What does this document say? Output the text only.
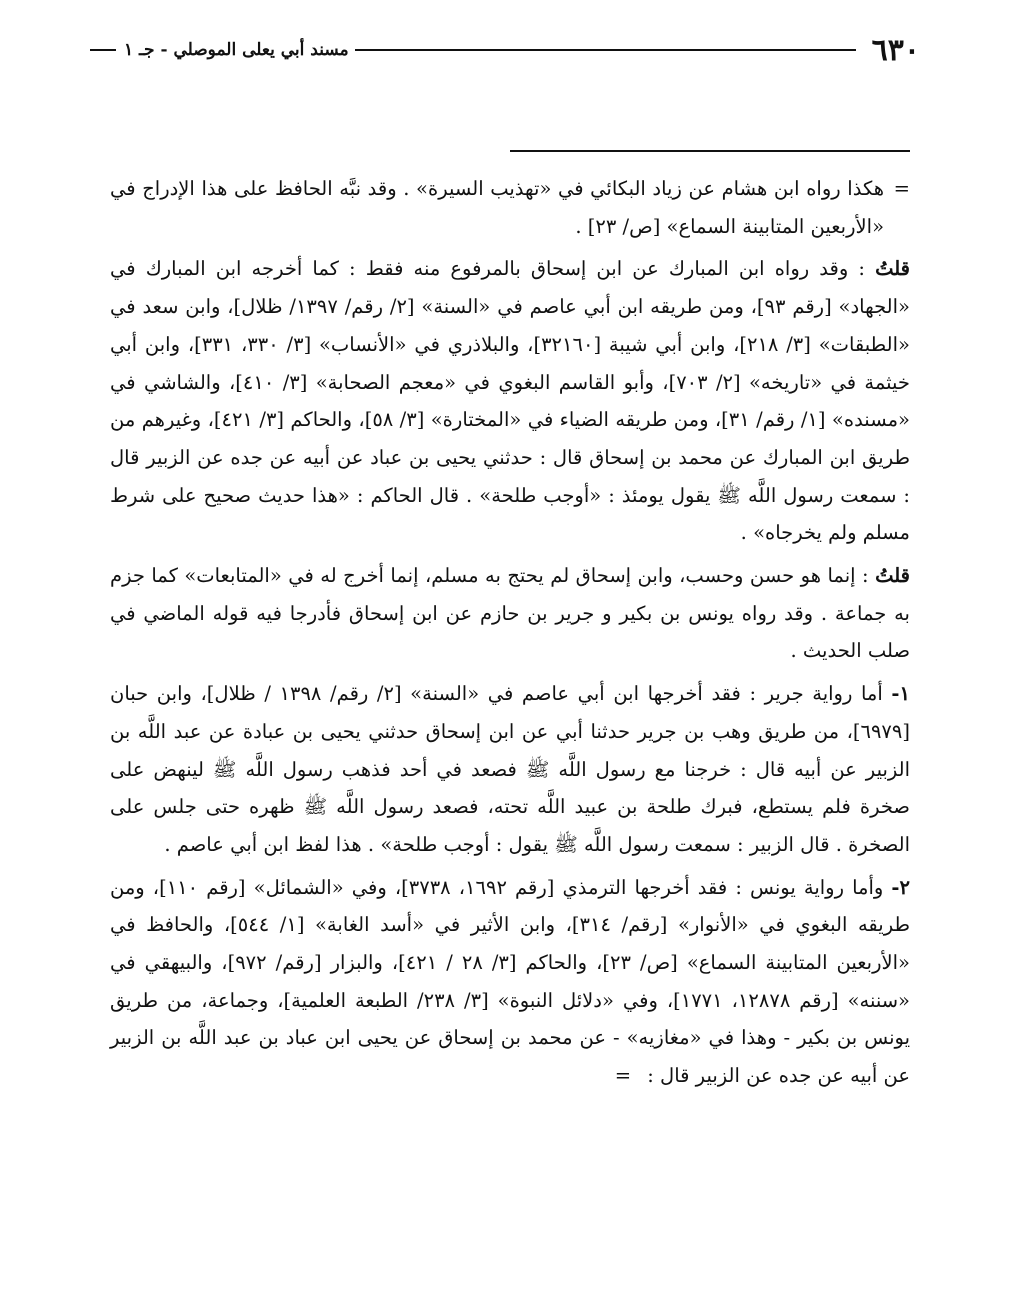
٦٣٠
مسند أبي يعلى الموصلي - جـ ١

=
هكذا رواه ابن هشام عن زياد البكائي في «تهذيب السيرة» . وقد نبَّه الحافظ على هذا الإدراج في «الأربعين المتابينة السماع» [ص/ ٢٣] .

قلتُ : وقد رواه ابن المبارك عن ابن إسحاق بالمرفوع منه فقط : كما أخرجه ابن المبارك في «الجهاد» [رقم ٩٣]، ومن طريقه ابن أبي عاصم في «السنة» [٢/ رقم/ ١٣٩٧/ ظلال]، وابن سعد في «الطبقات» [٣/ ٢١٨]، وابن أبي شيبة [٣٢١٦٠]، والبلاذري في «الأنساب» [٣/ ٣٣٠، ٣٣١]، وابن أبي خيثمة في «تاريخه» [٢/ ٧٠٣]، وأبو القاسم البغوي في «معجم الصحابة» [٣/ ٤١٠]، والشاشي في «مسنده» [١/ رقم/ ٣١]، ومن طريقه الضياء في «المختارة» [٣/ ٥٨]، والحاكم [٣/ ٤٢١]، وغيرهم من طريق ابن المبارك عن محمد بن إسحاق قال : حدثني يحيى بن عباد عن أبيه عن جده عن الزبير قال : سمعت رسول اللَّه ﷺ يقول يومئذ : «أوجب طلحة» . قال الحاكم : «هذا حديث صحيح على شرط مسلم ولم يخرجاه» .

قلتُ : إنما هو حسن وحسب، وابن إسحاق لم يحتج به مسلم، إنما أخرج له في «المتابعات» كما جزم به جماعة . وقد رواه يونس بن بكير و جرير بن حازم عن ابن إسحاق فأدرجا فيه قوله الماضي في صلب الحديث .

١- أما رواية جرير : فقد أخرجها ابن أبي عاصم في «السنة» [٢/ رقم/ ١٣٩٨ / ظلال]، وابن حبان [٦٩٧٩]، من طريق وهب بن جرير حدثنا أبي عن ابن إسحاق حدثني يحيى بن عبادة عن عبد اللَّه بن الزبير عن أبيه قال : خرجنا مع رسول اللَّه ﷺ فصعد في أحد فذهب رسول اللَّه ﷺ لينهض على صخرة فلم يستطع، فبرك طلحة بن عبيد اللَّه تحته، فصعد رسول اللَّه ﷺ ظهره حتى جلس على الصخرة . قال الزبير : سمعت رسول اللَّه ﷺ يقول : أوجب طلحة» . هذا لفظ ابن أبي عاصم .

٢- وأما رواية يونس : فقد أخرجها الترمذي [رقم ١٦٩٢، ٣٧٣٨]، وفي «الشمائل» [رقم ١١٠]، ومن طريقه البغوي في «الأنوار» [رقم/ ٣١٤]، وابن الأثير في «أسد الغابة» [١/ ٥٤٤]، والحافظ في «الأربعين المتابينة السماع» [ص/ ٢٣]، والحاكم [٣/ ٢٨ / ٤٢١]، والبزار [رقم/ ٩٧٢]، والبيهقي في «سننه» [رقم ١٢٨٧٨، ١٧٧١]، وفي «دلائل النبوة» [٣/ ٢٣٨/ الطبعة العلمية]، وجماعة، من طريق يونس بن بكير - وهذا في «مغازيه» - عن محمد بن إسحاق عن يحيى ابن عباد بن عبد اللَّه بن الزبير عن أبيه عن جده عن الزبير قال : =
